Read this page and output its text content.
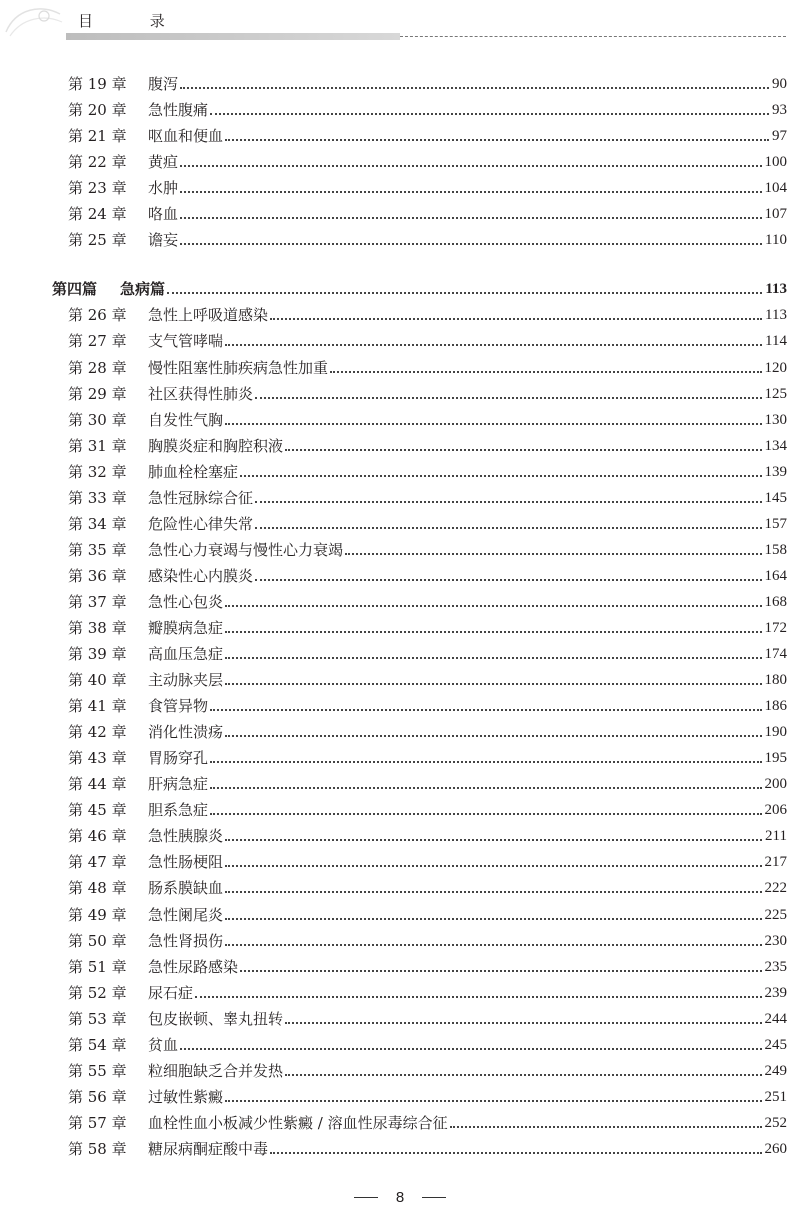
目 录
第 19 章	腹泻	90
第 20 章	急性腹痛	93
第 21 章	呕血和便血	97
第 22 章	黄疸	100
第 23 章	水肿	104
第 24 章	咯血	107
第 25 章	谵妄	110
第四篇	急病篇	113
第 26 章	急性上呼吸道感染	113
第 27 章	支气管哮喘	114
第 28 章	慢性阻塞性肺疾病急性加重	120
第 29 章	社区获得性肺炎	125
第 30 章	自发性气胸	130
第 31 章	胸膜炎症和胸腔积液	134
第 32 章	肺血栓栓塞症	139
第 33 章	急性冠脉综合征	145
第 34 章	危险性心律失常	157
第 35 章	急性心力衰竭与慢性心力衰竭	158
第 36 章	感染性心内膜炎	164
第 37 章	急性心包炎	168
第 38 章	瓣膜病急症	172
第 39 章	高血压急症	174
第 40 章	主动脉夹层	180
第 41 章	食管异物	186
第 42 章	消化性溃疡	190
第 43 章	胃肠穿孔	195
第 44 章	肝病急症	200
第 45 章	胆系急症	206
第 46 章	急性胰腺炎	211
第 47 章	急性肠梗阻	217
第 48 章	肠系膜缺血	222
第 49 章	急性阑尾炎	225
第 50 章	急性肾损伤	230
第 51 章	急性尿路感染	235
第 52 章	尿石症	239
第 53 章	包皮嵌顿、睾丸扭转	244
第 54 章	贫血	245
第 55 章	粒细胞缺乏合并发热	249
第 56 章	过敏性紫癜	251
第 57 章	血栓性血小板减少性紫癜 / 溶血性尿毒综合征	252
第 58 章	糖尿病酮症酸中毒	260
8
